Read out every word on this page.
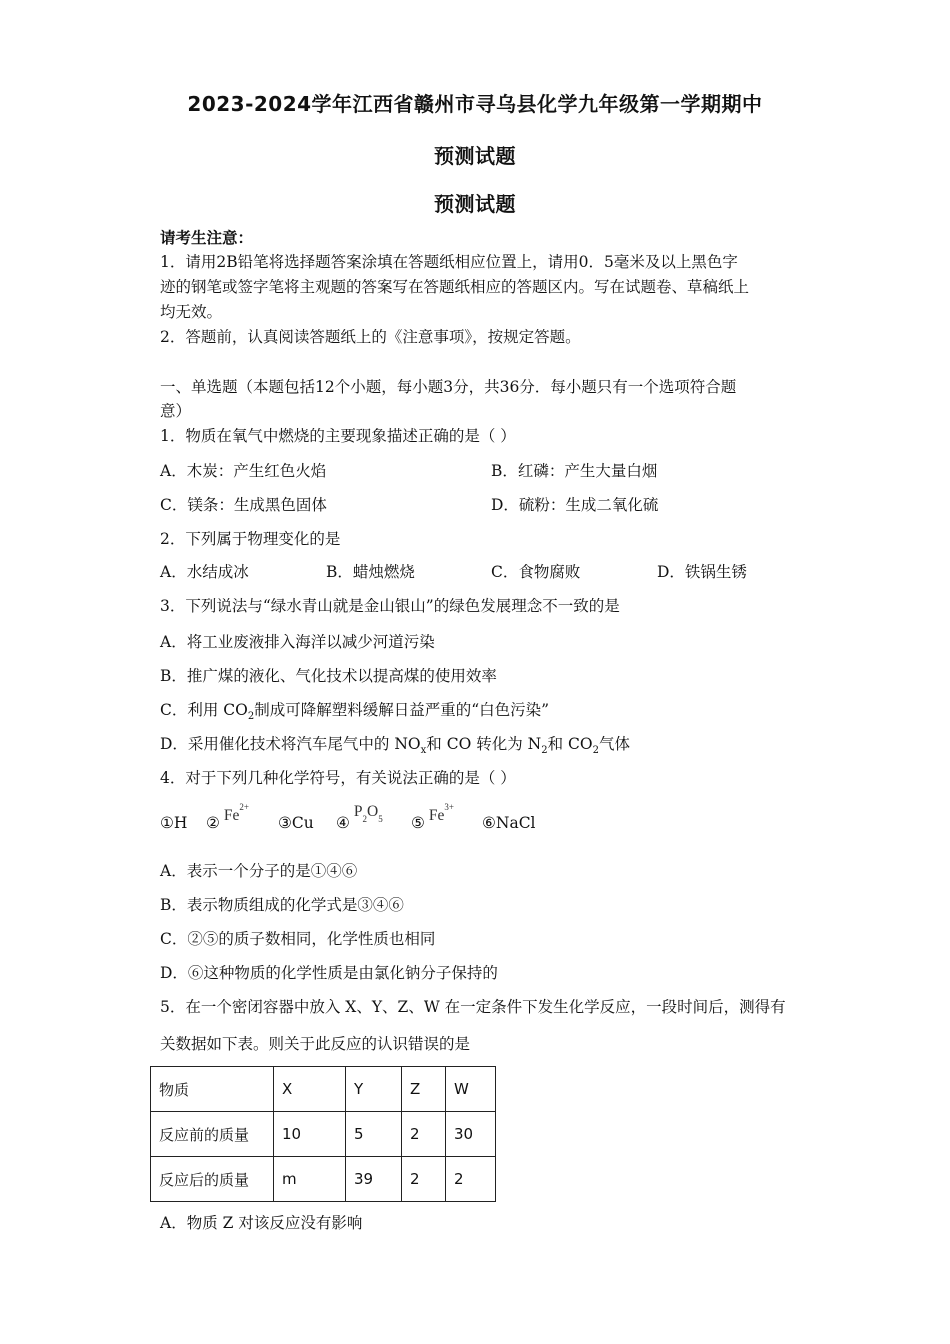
2023-2024学年江西省赣州市寻乌县化学九年级第一学期期中
预测试题
预测试题
请考生注意：
1．请用2B铅笔将选择题答案涂填在答题纸相应位置上，请用0．5毫米及以上黑色字
迹的钢笔或签字笔将主观题的答案写在答题纸相应的答题区内。写在试题卷、草稿纸上
均无效。
2．答题前，认真阅读答题纸上的《注意事项》，按规定答题。
一、单选题（本题包括12个小题，每小题3分，共36分．每小题只有一个选项符合题
意）
1．物质在氧气中燃烧的主要现象描述正确的是（ ）
A．木炭：产生红色火焰	B．红磷：产生大量白烟
C．镁条：生成黑色固体	D．硫粉：生成二氧化硫
2．下列属于物理变化的是
A．水结成冰	B．蜡烛燃烧	C．食物腐败	D．铁锅生锈
3．下列说法与“绿水青山就是金山银山”的绿色发展理念不一致的是
A．将工业废液排入海洋以减少河道污染
B．推广煤的液化、气化技术以提高煤的使用效率
C．利用 $CO_2$制成可降解塑料缓解日益严重的“白色污染”
D．采用催化技术将汽车尾气中的 $NO_x$和 CO 转化为 $N_2$和 $CO_2$气体
4．对于下列几种化学符号，有关说法正确的是（ ）
①H ② $Fe^{2+}$
③Cu $④P_2O_5$ ⑤ $Fe^{3+}$
⑥NaCl
A．表示一个分子的是①④⑥
B．表示物质组成的化学式是③④⑥
C．②⑤的质子数相同，化学性质也相同
D．⑥这种物质的化学性质是由氯化钠分子保持的
5．在一个密闭容器中放入 X、Y、Z、W 在一定条件下发生化学反应，一段时间后，测得有
关数据如下表。则关于此反应的认识错误的是
物质	X	Y	Z	W
反应前的质量	10	5	2	30
反应后的质量	m	39	2	2
A．物质 Z 对该反应没有影响
